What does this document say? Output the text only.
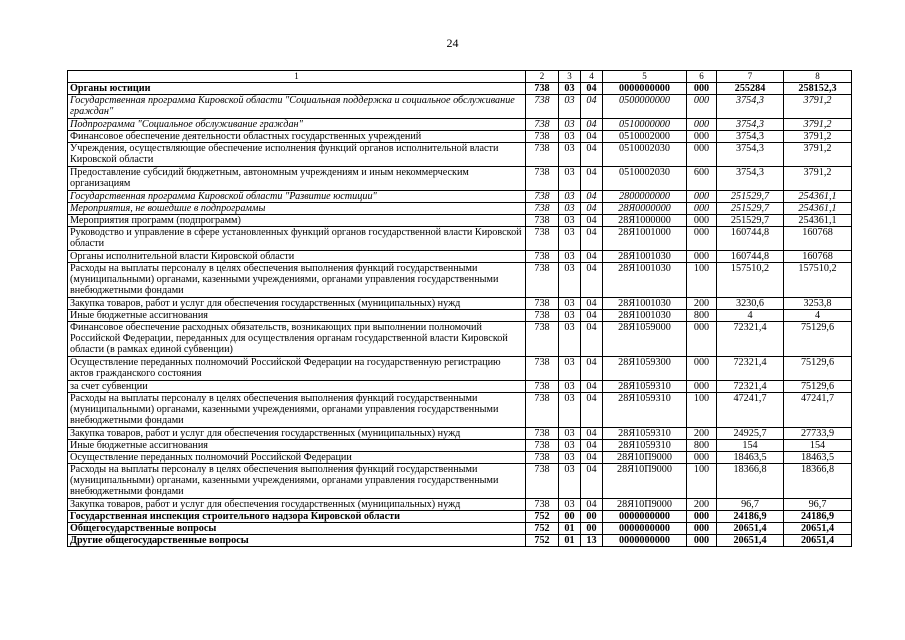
24
1	2	3	4	5	6	7	8
Органы юстиции	738	03	04	0000000000	000	255284	258152,3
Государственная программа Кировской области "Социальная поддержка и социальное обслуживание граждан"	738	03	04	0500000000	000	3754,3	3791,2
Подпрограмма "Социальное обслуживание граждан"	738	03	04	0510000000	000	3754,3	3791,2
Финансовое обеспечение деятельности областных государственных учреждений	738	03	04	0510002000	000	3754,3	3791,2
Учреждения, осуществляющие обеспечение исполнения функций органов исполнительной власти Кировской области	738	03	04	0510002030	000	3754,3	3791,2
Предоставление субсидий бюджетным, автономным учреждениям и иным некоммерческим организациям	738	03	04	0510002030	600	3754,3	3791,2
Государственная программа Кировской области "Развитие юстиции"	738	03	04	2800000000	000	251529,7	254361,1
Мероприятия, не вошедшие в подпрограммы	738	03	04	28Я0000000	000	251529,7	254361,1
Мероприятия программ (подпрограмм)	738	03	04	28Я1000000	000	251529,7	254361,1
Руководство и управление в сфере установленных функций органов государственной власти Кировской области	738	03	04	28Я1001000	000	160744,8	160768
Органы исполнительной власти Кировской области	738	03	04	28Я1001030	000	160744,8	160768
Расходы на выплаты персоналу в целях обеспечения выполнения функций государственными (муниципальными) органами, казенными учреждениями, органами управления государственными внебюджетными фондами	738	03	04	28Я1001030	100	157510,2	157510,2
Закупка товаров, работ и услуг для обеспечения государственных (муниципальных) нужд	738	03	04	28Я1001030	200	3230,6	3253,8
Иные бюджетные ассигнования	738	03	04	28Я1001030	800	4	4
Финансовое обеспечение расходных обязательств, возникающих при выполнении полномочий Российской Федерации, переданных для осуществления органам государственной власти Кировской области (в рамках единой субвенции)	738	03	04	28Я1059000	000	72321,4	75129,6
Осуществление переданных полномочий Российской Федерации на государственную регистрацию актов гражданского состояния	738	03	04	28Я1059300	000	72321,4	75129,6
за счет субвенции	738	03	04	28Я1059310	000	72321,4	75129,6
Расходы на выплаты персоналу в целях обеспечения выполнения функций государственными (муниципальными) органами, казенными учреждениями, органами управления государственными внебюджетными фондами	738	03	04	28Я1059310	100	47241,7	47241,7
Закупка товаров, работ и услуг для обеспечения государственных (муниципальных) нужд	738	03	04	28Я1059310	200	24925,7	27733,9
Иные бюджетные ассигнования	738	03	04	28Я1059310	800	154	154
Осуществление переданных полномочий Российской Федерации	738	03	04	28Я10П9000	000	18463,5	18463,5
Расходы на выплаты персоналу в целях обеспечения выполнения функций государственными (муниципальными) органами, казенными учреждениями, органами управления государственными внебюджетными фондами	738	03	04	28Я10П9000	100	18366,8	18366,8
Закупка товаров, работ и услуг для обеспечения государственных (муниципальных) нужд	738	03	04	28Я10П9000	200	96,7	96,7
Государственная инспекция строительного надзора Кировской области	752	00	00	0000000000	000	24186,9	24186,9
Общегосударственные вопросы	752	01	00	0000000000	000	20651,4	20651,4
Другие общегосударственные вопросы	752	01	13	0000000000	000	20651,4	20651,4
